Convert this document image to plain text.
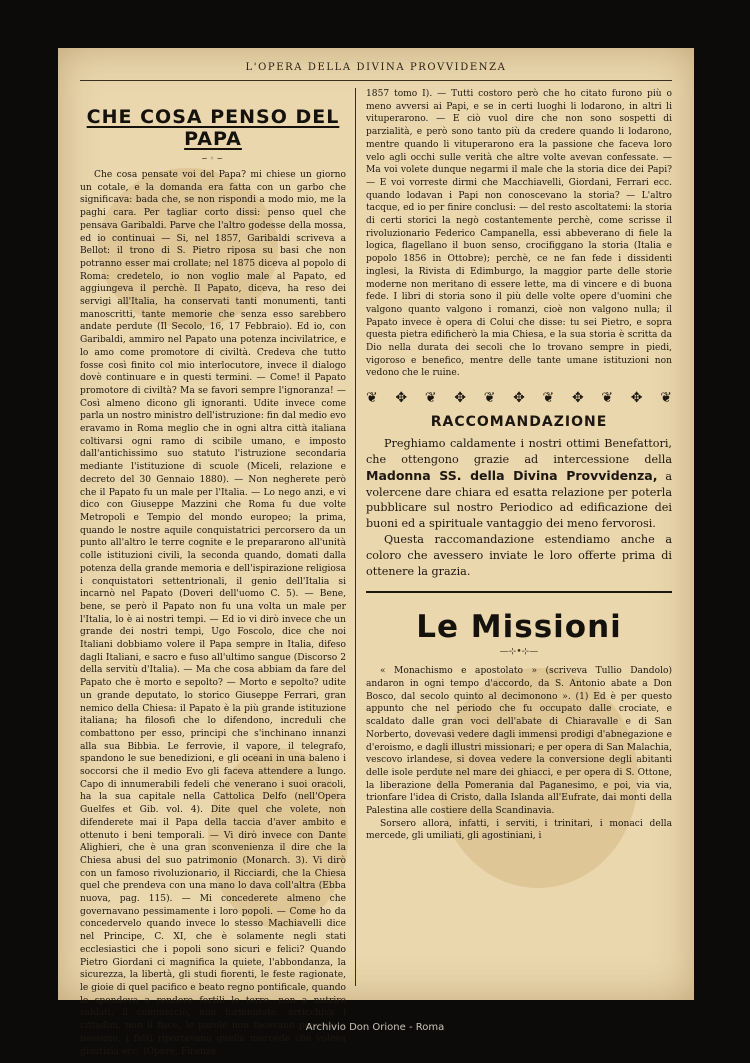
L'OPERA DELLA DIVINA PROVVIDENZA
CHE COSA PENSO DEL PAPA
∽◦∽

Che cosa pensate voi del Papa? mi chiese un giorno un cotale, e la domanda era fatta con un garbo che significava: bada che, se non rispondi a modo mio, me la paghi cara. Per tagliar corto dissi: penso quel che pensava Garibaldi. Parve che l'altro godesse della mossa, ed io continuai — Si, nel 1857, Garibaldi scriveva a Bellot: il trono di S. Pietro riposa su basi che non potranno esser mai crollate; nel 1875 diceva al popolo di Roma: credetelo, io non voglio male al Papato, ed aggiungeva il perchè. Il Papato, diceva, ha reso dei servigi all'Italia, ha conservati tanti monumenti, tanti manoscritti, tante memorie che senza esso sarebbero andate perdute (Il Secolo, 16, 17 Febbraio). Ed io, con Garibaldi, ammiro nel Papato una potenza incivilatrice, e lo amo come promotore di civiltà. Credeva che tutto fosse così finito col mio interlocutore, invece il dialogo dovè continuare e in questi termini. — Come! il Papato promotore di civiltà? Ma se favori sempre l'ignoranza! — Così almeno dicono gli ignoranti. Udite invece come parla un nostro ministro dell'istruzione: fin dal medio evo eravamo in Roma meglio che in ogni altra città italiana coltivarsi ogni ramo di scibile umano, e imposto dall'antichissimo suo statuto l'istruzione secondaria mediante l'istituzione di scuole (Miceli, relazione e decreto del 30 Gennaio 1880). — Non negherete però che il Papato fu un male per l'Italia. — Lo nego anzi, e vi dico con Giuseppe Mazzini che Roma fu due volte Metropoli e Tempio del mondo europeo; la prima, quando le nostre aquile conquistatrici percorsero da un punto all'altro le terre cognite e le prepararono all'unità colle istituzioni civili, la seconda quando, domati dalla potenza della grande memoria e dell'ispirazione religiosa i conquistatori settentrionali, il genio dell'Italia si incarnò nel Papato (Doveri dell'uomo C. 5). — Bene, bene, se però il Papato non fu una volta un male per l'Italia, lo è ai nostri tempi. — Ed io vi dirò invece che un grande dei nostri tempi, Ugo Foscolo, dice che noi Italiani dobbiamo volere il Papa sempre in Italia, difeso dagli Italiani, e sacro e fuso all'ultimo sangue (Discorso 2 della servitù d'Italia). — Ma che cosa abbiam da fare del Papato che è morto e sepolto? — Morto e sepolto? udite un grande deputato, lo storico Giuseppe Ferrari, gran nemico della Chiesa: il Papato è la più grande istituzione italiana; ha filosofi che lo difendono, increduli che combattono per esso, principi che s'inchinano innanzi alla sua Bibbia. Le ferrovie, il vapore, il telegrafo, spandono le sue benedizioni, e gli oceani in una baleno i soccorsi che il medio Evo gli faceva attendere a lungo. Capo di innumerabili fedeli che venerano i suoi oracoli, ha la sua capitale nella Cattolica Delfo (nell'Opera Guelfes et Gib. vol. 4). Dite quel che volete, non difenderete mai il Papa della taccia d'aver ambito e ottenuto i beni temporali. — Vi dirò invece con Dante Alighieri, che è una gran sconvenienza il dire che la Chiesa abusi del suo patrimonio (Monarch. 3). Vi dirò con un famoso rivoluzionario, il Ricciardi, che la Chiesa quel che prendeva con una mano lo dava coll'altra (Ebba nuova, pag. 115). — Mi concederete almeno che governavano pessimamente i loro popoli. — Come ho da concedervelo quando invece lo stesso Machiavelli dice nel Principe, C. XI, che è solamente negli stati ecclesiastici che i popoli sono sicuri e felici? Quando Pietro Giordani ci magnifica la quiete, l'abbondanza, la sicurezza, la libertà, gli studi fiorenti, le feste ragionate, le gioie di quel pacifico e beato regno pontificale, quando lo spendeva a rendere fertili le terre, non a nutrire soldati, il commercio, non tormentato, arricchiva i cittadini, non il fisco, le parole non facevano pericolo a nessuno, i fatti riportavano quella mercede che voleva giustizia ecc. (Opere, Firenze

1857 tomo I). — Tutti costoro però che ho citato furono più o meno avversi ai Papi, e se in certi luoghi li lodarono, in altri li vituperarono. — E ciò vuol dire che non sono sospetti di parzialità, e però sono tanto più da credere quando li lodarono, mentre quando li vituperarono era la passione che faceva loro velo agli occhi sulle verità che altre volte avevan confessate. — Ma voi volete dunque negarmi il male che la storia dice dei Papi? — E voi vorreste dirmi che Macchiavelli, Giordani, Ferrari ecc. quando lodavan i Papi non conoscevano la storia? — L'altro tacque, ed io per finire conclusi: — del resto ascoltatemi: la storia di certi storici la negò costantemente perchè, come scrisse il rivoluzionario Federico Campanella, essi abbeverano di fiele la logica, flagellano il buon senso, crocifiggano la storia (Italia e popolo 1856 in Ottobre); perchè, ce ne fan fede i dissidenti inglesi, la Rivista di Edimburgo, la maggior parte delle storie moderne non meritano di essere lette, ma di vincere e di buona fede. I libri di storia sono il più delle volte opere d'uomini che valgono quanto valgono i romanzi, cioè non valgono nulla; il Papato invece è opera di Colui che disse: tu sei Pietro, e sopra questa pietra edificherò la mia Chiesa, e la sua storia è scritta da Dio nella durata dei secoli che lo trovano sempre in piedi, vigoroso e benefico, mentre delle tante umane istituzioni non vedono che le ruine.

❦ ✥ ❦ ✥ ❦ ✥ ❦ ✥ ❦ ✥ ❦
RACCOMANDAZIONE

Preghiamo caldamente i nostri ottimi Benefattori, che ottengono grazie ad intercessione della Madonna SS. della Divina Provvidenza, a volercene dare chiara ed esatta relazione per poterla pubblicare sul nostro Periodico ad edificazione dei buoni ed a spirituale vantaggio dei meno fervorosi.

Questa raccomandazione estendiamo anche a coloro che avessero inviate le loro offerte prima di ottenere la grazia.

Le Missioni
—⊹•⊹—

« Monachismo e apostolato » (scriveva Tullio Dandolo) andaron in ogni tempo d'accordo, da S. Antonio abate a Don Bosco, dal secolo quinto al decimonono ». (1) Ed è per questo appunto che nel periodo che fu occupato dalle crociate, e scaldato dalle gran voci dell'abate di Chiaravalle e di San Norberto, dovevasi vedere dagli immensi prodigi d'abnegazione e d'eroismo, e dagli illustri missionari; e per opera di San Malachia, vescovo irlandese, si dovea vedere la conversione degli abitanti delle isole perdute nel mare dei ghiacci, e per opera di S. Ottone, la liberazione della Pomerania dal Paganesimo, e poi, via via, trionfare l'idea di Cristo, dalla Islanda all'Eufrate, dai monti della Palestina alle costiere della Scandinavia.

Sorsero allora, infatti, i serviti, i trinitari, i monaci della mercede, gli umiliati, gli agostiniani, i

Archivio Don Orione - Roma
